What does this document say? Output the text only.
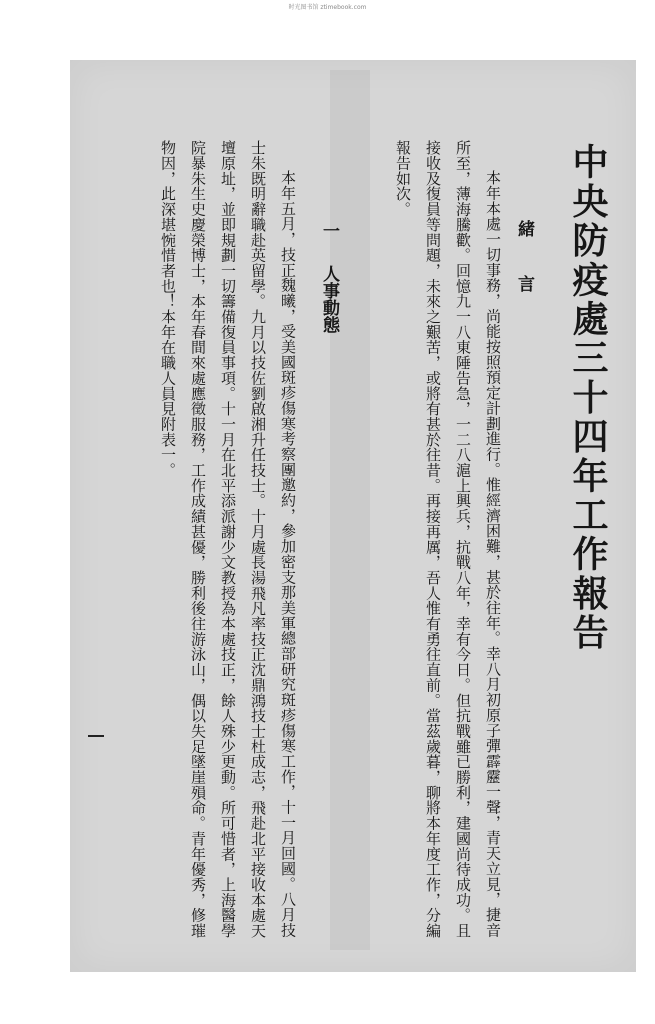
时光图书馆 ztimebook.com
中央防疫處三十四年工作報告
緒言
本年本處一切事務，尚能按照預定計劃進行。惟經濟困難，甚於往年。幸八月初原子彈霹靂一聲，青天立見，捷音
所至，薄海騰歡。回憶九一八東陲告急，一二八滬上興兵，抗戰八年，幸有今日。但抗戰雖已勝利，建國尚待成功。且
接收及復員等問題，未來之艱苦，或將有甚於往昔。再接再厲，吾人惟有勇往直前。當茲歲暮，聊將本年度工作，分編
報告如次。
一人事動態
本年五月，技正魏曦，受美國斑疹傷寒考察團邀約，參加密支那美軍總部研究斑疹傷寒工作，十一月回國。八月技
士朱既明辭職赴英留學。九月以技佐劉啟湘升任技士。十月處長湯飛凡率技正沈鼎鴻技士杜成志，飛赴北平接收本處天
壇原址，並即規劃一切籌備復員事項。十一月在北平添派謝少文教授為本處技正，餘人殊少更動。所可惜者，上海醫學
院暴朱生史慶榮博士，本年春間來處應徵服務，工作成績甚優，勝利後往游泳山，偶以失足墜崖殞命。青年優秀，修璀
物因，此深堪惋惜者也！本年在職人員見附表一。
